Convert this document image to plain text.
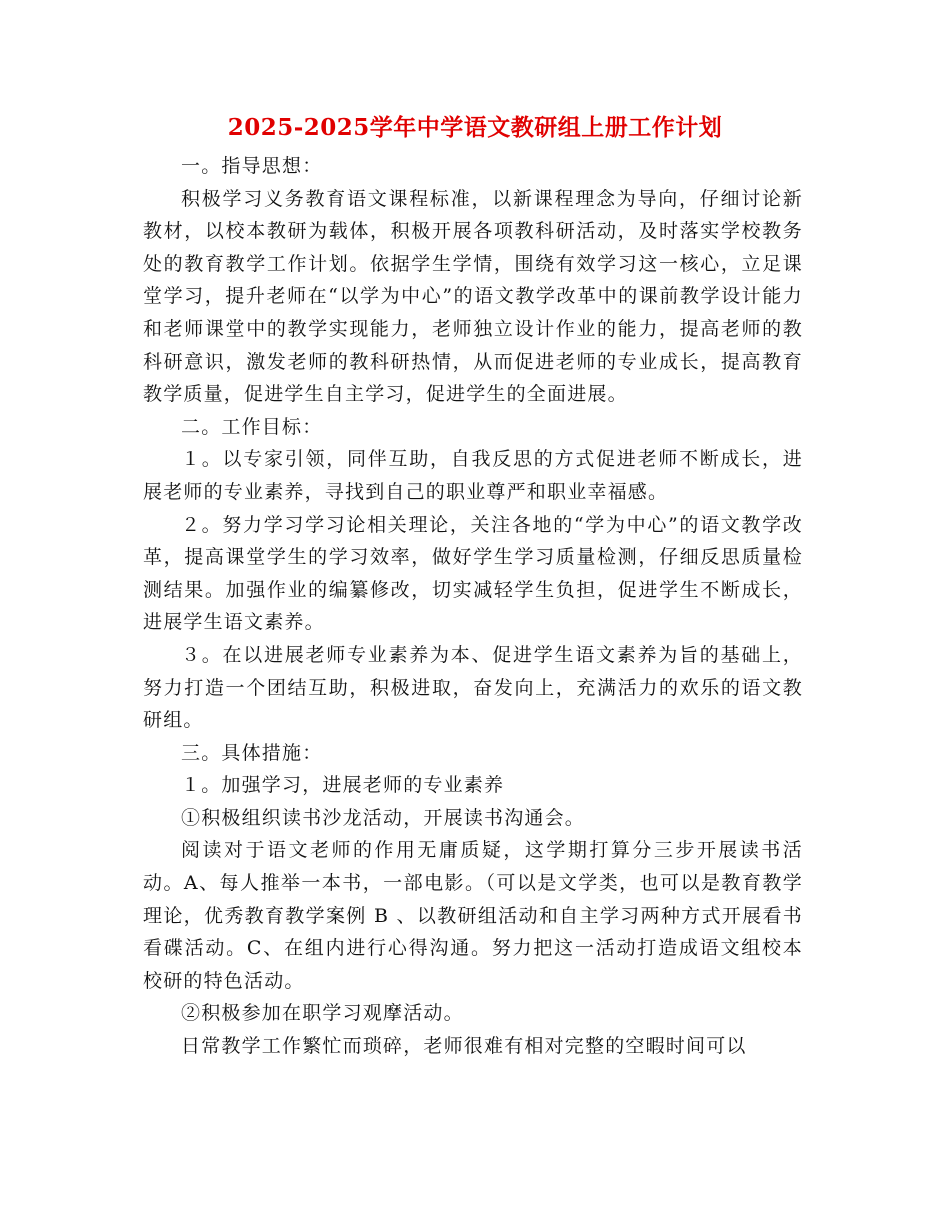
2025-2025学年中学语文教研组上册工作计划

一。指导思想：

积极学习义务教育语文课程标准，以新课程理念为导向，仔细讨论新教材，以校本教研为载体，积极开展各项教科研活动，及时落实学校教务处的教育教学工作计划。依据学生学情，围绕有效学习这一核心，立足课堂学习，提升老师在“以学为中心”的语文教学改革中的课前教学设计能力和老师课堂中的教学实现能力，老师独立设计作业的能力，提高老师的教科研意识，激发老师的教科研热情，从而促进老师的专业成长，提高教育教学质量，促进学生自主学习，促进学生的全面进展。

二。工作目标：

１。以专家引领，同伴互助，自我反思的方式促进老师不断成长，进展老师的专业素养，寻找到自己的职业尊严和职业幸福感。

２。努力学习学习论相关理论，关注各地的“学为中心”的语文教学改革，提高课堂学生的学习效率，做好学生学习质量检测，仔细反思质量检测结果。加强作业的编纂修改，切实减轻学生负担，促进学生不断成长，进展学生语文素养。

３。在以进展老师专业素养为本、促进学生语文素养为旨的基础上，努力打造一个团结互助，积极进取，奋发向上，充满活力的欢乐的语文教研组。

三。具体措施：

１。加强学习，进展老师的专业素养

①积极组织读书沙龙活动，开展读书沟通会。

阅读对于语文老师的作用无庸质疑，这学期打算分三步开展读书活动。A、每人推举一本书，一部电影。（可以是文学类，也可以是教育教学理论，优秀教育教学案例 B 、以教研组活动和自主学习两种方式开展看书看碟活动。C、在组内进行心得沟通。努力把这一活动打造成语文组校本校研的特色活动。

②积极参加在职学习观摩活动。

日常教学工作繁忙而琐碎，老师很难有相对完整的空暇时间可以
